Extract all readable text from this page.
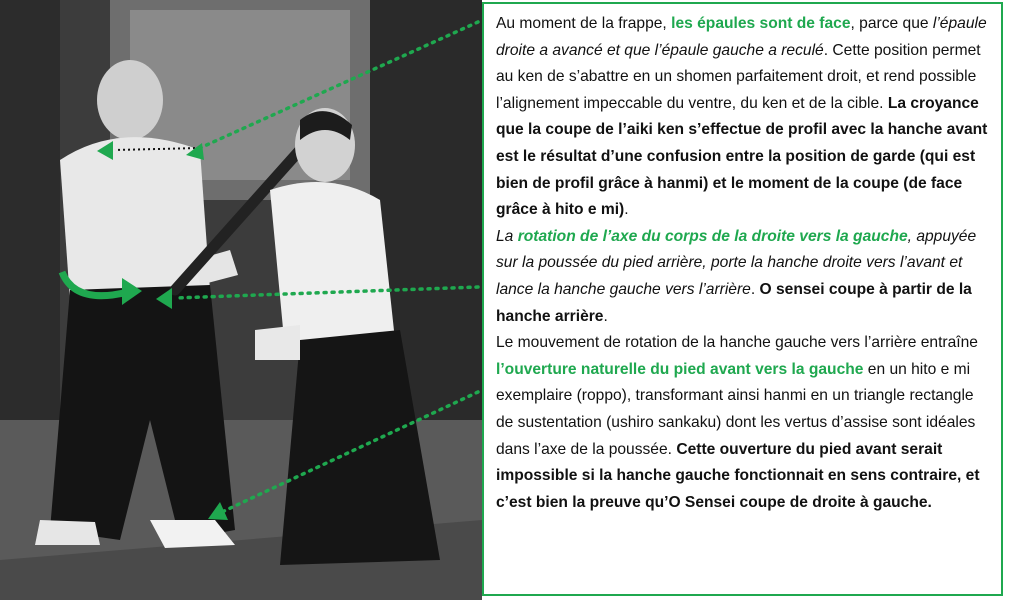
Au moment de la frappe, les épaules sont de face, parce que l’épaule droite a avancé et que l’épaule gauche a reculé. Cette position permet au ken de s’abattre en un shomen parfaitement droit, et rend possible l’alignement impeccable du ventre, du ken et de la cible. La croyance que la coupe de l’aiki ken s’effectue de profil avec la hanche avant est le résultat d’une confusion entre la position de garde (qui est bien de profil grâce à hanmi) et le moment de la coupe (de face grâce à hito e mi).

La rotation de l’axe du corps de la droite vers la gauche, appuyée sur la poussée du pied arrière, porte la hanche droite vers l’avant et lance la hanche gauche vers l’arrière. O sensei coupe à partir de la hanche arrière.

Le mouvement de rotation de la hanche gauche vers l’arrière entraîne l’ouverture naturelle du pied avant vers la gauche en un hito e mi exemplaire (roppo), transformant ainsi hanmi en un triangle rectangle de sustentation (ushiro sankaku) dont les vertus d’assise sont idéales dans l’axe de la poussée. Cette ouverture du pied avant serait impossible si la hanche gauche fonctionnait en sens contraire, et c’est bien la preuve qu’O Sensei coupe de droite à gauche.
